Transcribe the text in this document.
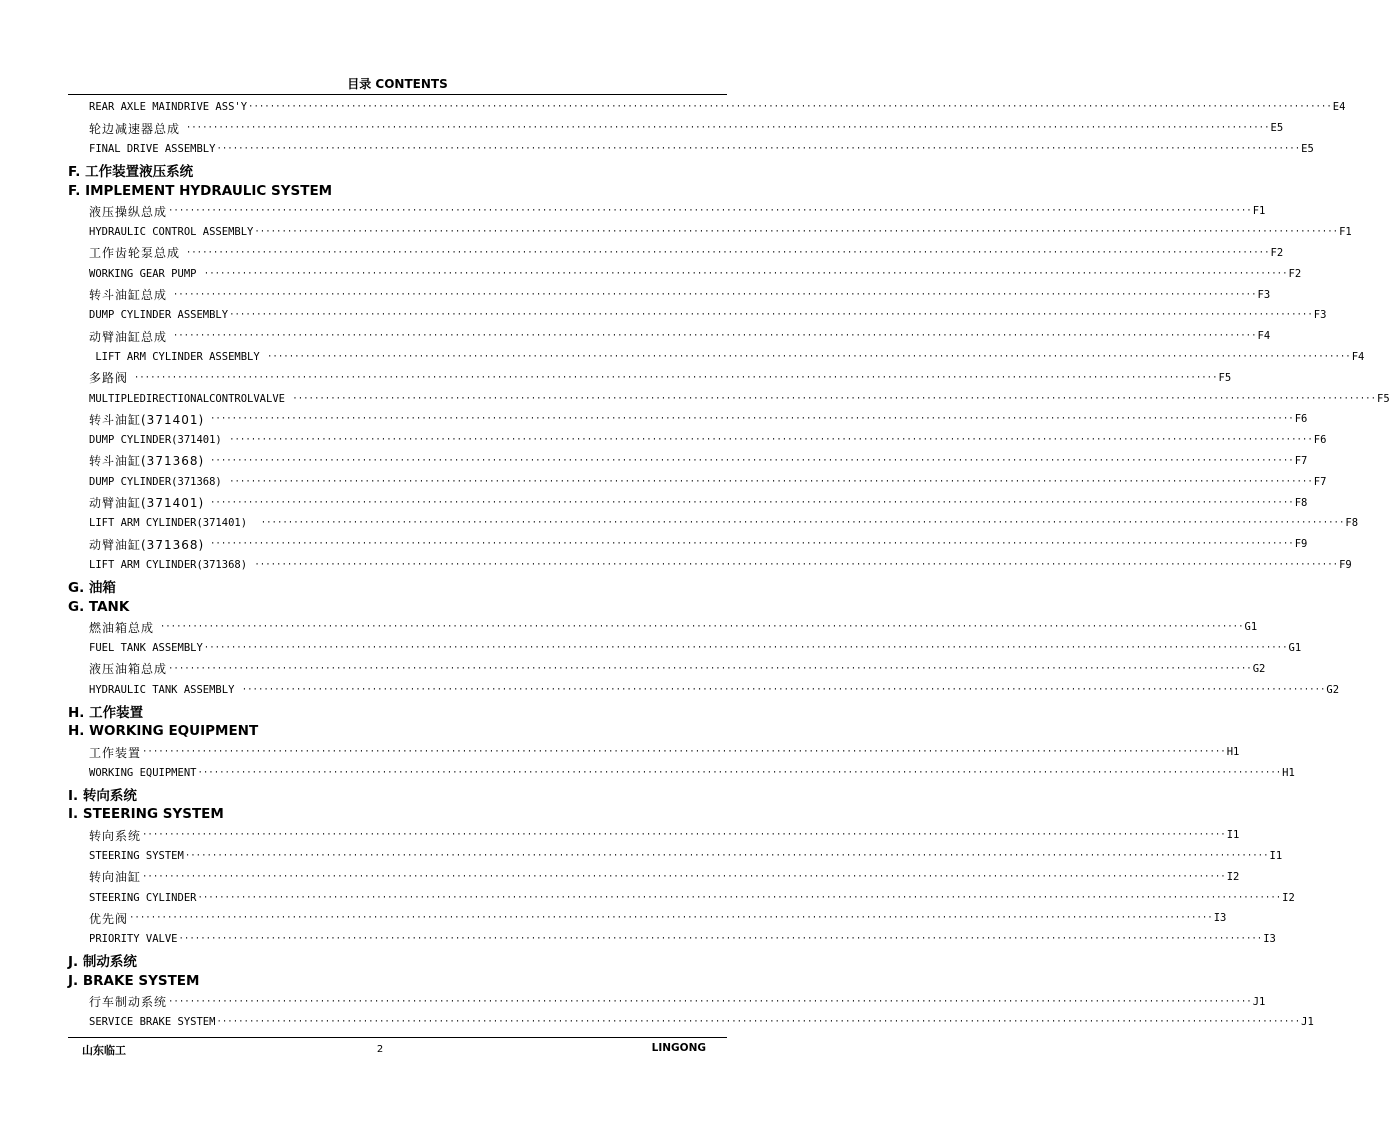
目录 CONTENTS
REAR AXLE MAINDRIVE ASS'Y ········································································································································································································ E4
轮边减速器总成 ········································································································································································································ E5
FINAL DRIVE ASSEMBLY ········································································································································································································ E5
F. 工作装置液压系统
F. IMPLEMENT HYDRAULIC SYSTEM
液压操纵总成 ········································································································································································································ F1
HYDRAULIC CONTROL ASSEMBLY ········································································································································································································ F1
工作齿轮泵总成 ········································································································································································································ F2
WORKING GEAR PUMP ········································································································································································································ F2
转斗油缸总成 ········································································································································································································ F3
DUMP CYLINDER ASSEMBLY ········································································································································································································ F3
动臂油缸总成 ········································································································································································································ F4
LIFT ARM CYLINDER ASSEMBLY ········································································································································································································ F4
多路阀 ········································································································································································································ F5
MULTIPLEDIRECTIONALCONTROLVALVE ········································································································································································································ F5
转斗油缸(371401) ········································································································································································································ F6
DUMP CYLINDER(371401) ········································································································································································································ F6
转斗油缸(371368) ········································································································································································································ F7
DUMP CYLINDER(371368) ········································································································································································································ F7
动臂油缸(371401) ········································································································································································································ F8
LIFT ARM CYLINDER(371401) ········································································································································································································ F8
动臂油缸(371368) ········································································································································································································ F9
LIFT ARM CYLINDER(371368) ········································································································································································································ F9
G. 油箱
G. TANK
燃油箱总成 ········································································································································································································ G1
FUEL TANK ASSEMBLY ········································································································································································································ G1
液压油箱总成 ········································································································································································································ G2
HYDRAULIC TANK ASSEMBLY ········································································································································································································ G2
H. 工作装置
H. WORKING EQUIPMENT
工作装置 ········································································································································································································ H1
WORKING EQUIPMENT ········································································································································································································ H1
I. 转向系统
I. STEERING SYSTEM
转向系统 ········································································································································································································ I1
STEERING SYSTEM ········································································································································································································ I1
转向油缸 ········································································································································································································ I2
STEERING CYLINDER ········································································································································································································ I2
优先阀 ········································································································································································································ I3
PRIORITY VALVE ········································································································································································································ I3
J. 制动系统
J. BRAKE SYSTEM
行车制动系统 ········································································································································································································ J1
SERVICE BRAKE SYSTEM ········································································································································································································ J1
山东临工	2	LINGONG
